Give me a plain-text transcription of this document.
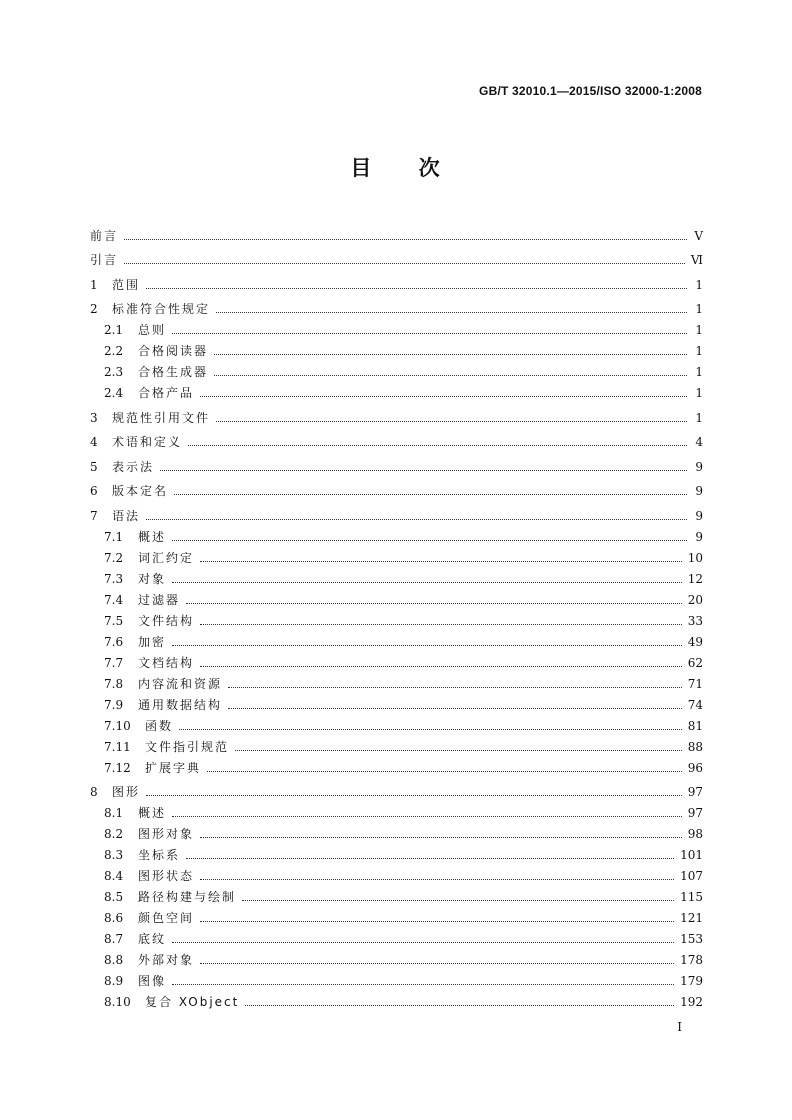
GB/T 32010.1—2015/ISO 32000-1:2008
目 次
前言	Ⅴ
引言	Ⅵ
1	范围	1
2	标准符合性规定	1
2.1	总则	1
2.2	合格阅读器	1
2.3	合格生成器	1
2.4	合格产品	1
3	规范性引用文件	1
4	术语和定义	4
5	表示法	9
6	版本定名	9
7	语法	9
7.1	概述	9
7.2	词汇约定	10
7.3	对象	12
7.4	过滤器	20
7.5	文件结构	33
7.6	加密	49
7.7	文档结构	62
7.8	内容流和资源	71
7.9	通用数据结构	74
7.10	函数	81
7.11	文件指引规范	88
7.12	扩展字典	96
8	图形	97
8.1	概述	97
8.2	图形对象	98
8.3	坐标系	101
8.4	图形状态	107
8.5	路径构建与绘制	115
8.6	颜色空间	121
8.7	底纹	153
8.8	外部对象	178
8.9	图像	179
8.10	复合 XObject	192
I
